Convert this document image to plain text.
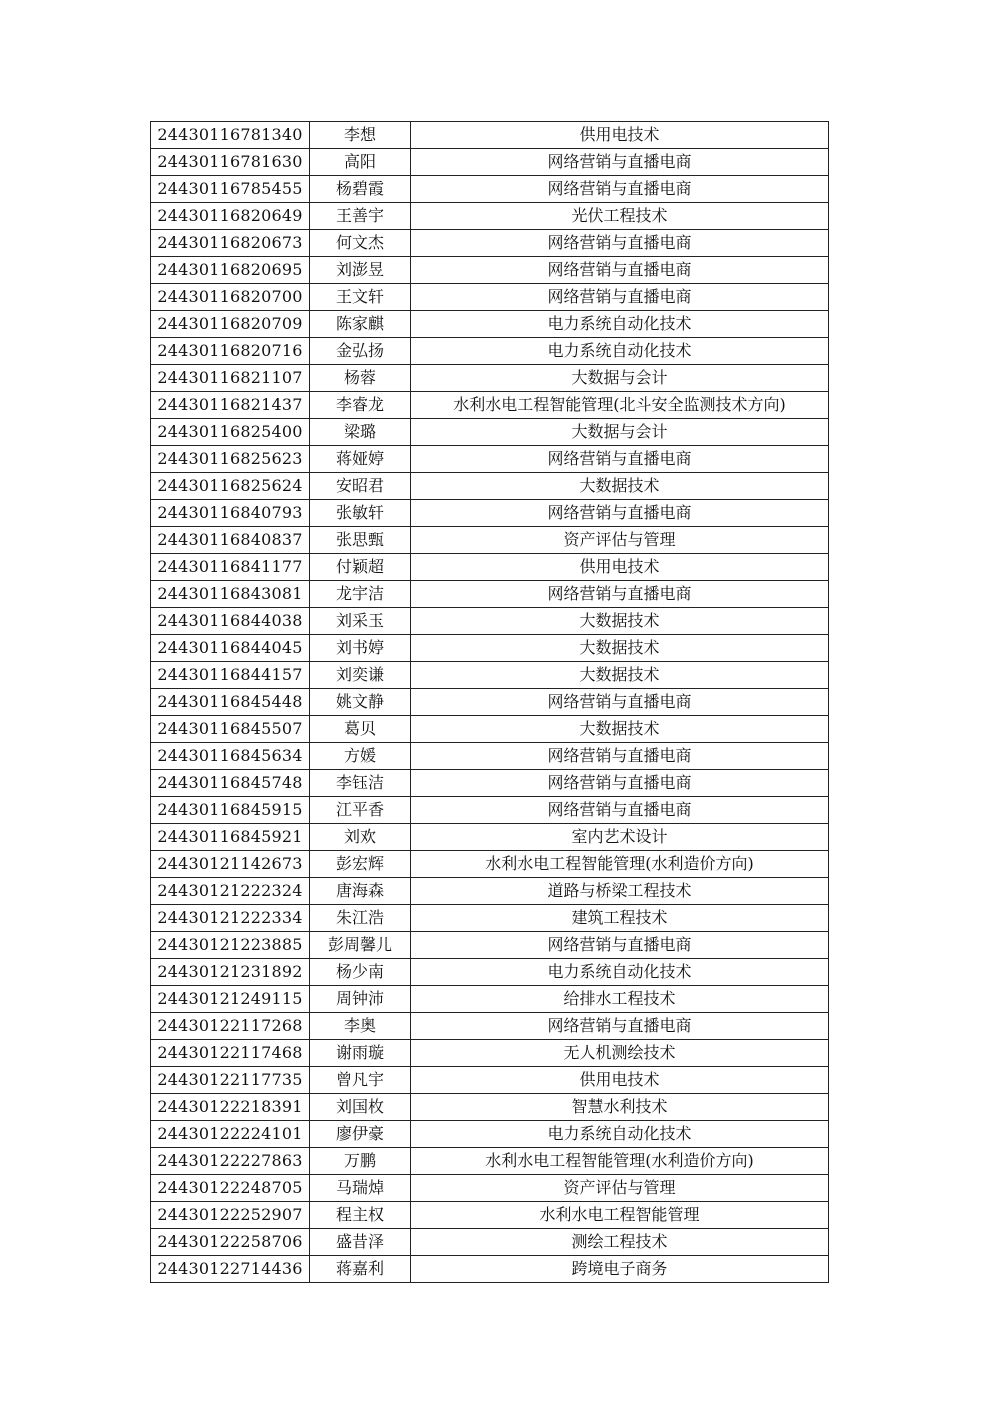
24430116781340	李想	供用电技术
24430116781630	高阳	网络营销与直播电商
24430116785455	杨碧霞	网络营销与直播电商
24430116820649	王善宇	光伏工程技术
24430116820673	何文杰	网络营销与直播电商
24430116820695	刘澎昱	网络营销与直播电商
24430116820700	王文轩	网络营销与直播电商
24430116820709	陈家麒	电力系统自动化技术
24430116820716	金弘扬	电力系统自动化技术
24430116821107	杨蓉	大数据与会计
24430116821437	李睿龙	水利水电工程智能管理(北斗安全监测技术方向)
24430116825400	梁璐	大数据与会计
24430116825623	蒋娅婷	网络营销与直播电商
24430116825624	安昭君	大数据技术
24430116840793	张敏轩	网络营销与直播电商
24430116840837	张思甄	资产评估与管理
24430116841177	付颖超	供用电技术
24430116843081	龙宇洁	网络营销与直播电商
24430116844038	刘采玉	大数据技术
24430116844045	刘书婷	大数据技术
24430116844157	刘奕谦	大数据技术
24430116845448	姚文静	网络营销与直播电商
24430116845507	葛贝	大数据技术
24430116845634	方媛	网络营销与直播电商
24430116845748	李钰洁	网络营销与直播电商
24430116845915	江平香	网络营销与直播电商
24430116845921	刘欢	室内艺术设计
24430121142673	彭宏辉	水利水电工程智能管理(水利造价方向)
24430121222324	唐海森	道路与桥梁工程技术
24430121222334	朱江浩	建筑工程技术
24430121223885	彭周馨儿	网络营销与直播电商
24430121231892	杨少南	电力系统自动化技术
24430121249115	周钟沛	给排水工程技术
24430122117268	李奥	网络营销与直播电商
24430122117468	谢雨璇	无人机测绘技术
24430122117735	曾凡宇	供用电技术
24430122218391	刘国枚	智慧水利技术
24430122224101	廖伊豪	电力系统自动化技术
24430122227863	万鹏	水利水电工程智能管理(水利造价方向)
24430122248705	马瑞焯	资产评估与管理
24430122252907	程主权	水利水电工程智能管理
24430122258706	盛昔泽	测绘工程技术
24430122714436	蒋嘉利	跨境电子商务
